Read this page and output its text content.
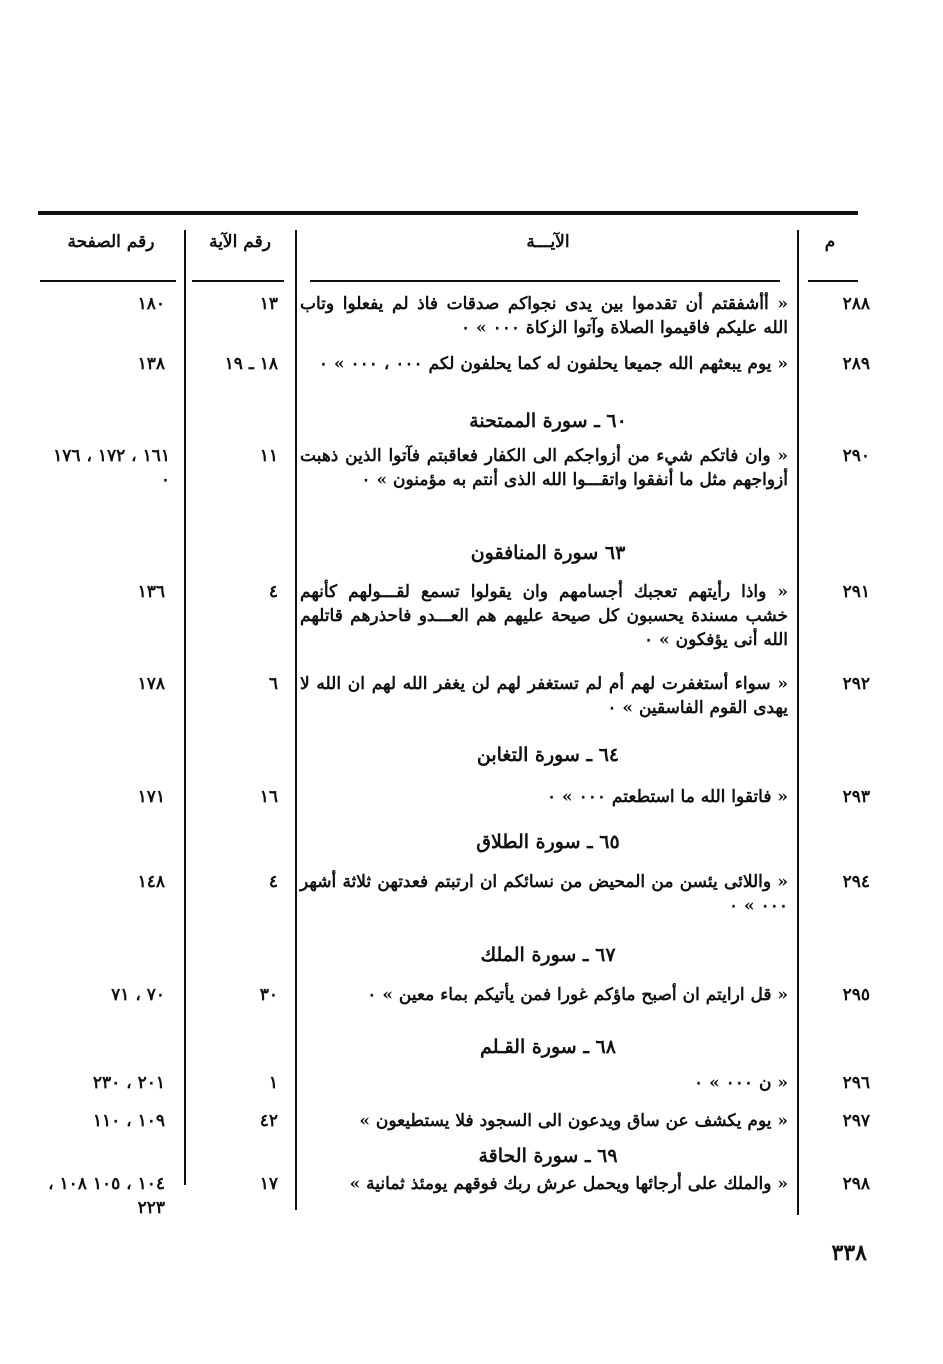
م
الآيـــة
رقم الآية
رقم الصفحة
٢٨٨
« أأشفقتم أن تقدموا بين يدى نجواكم صدقات فاذ لم يفعلوا وتاب الله عليكم فاقيموا الصلاة وآتوا الزكاة ٠٠٠ » ٠
١٣
١٨٠
٢٨٩
« يوم يبعثهم الله جميعا يحلفون له كما يحلفون لكم ٠٠٠ ، ٠٠٠ » ٠
١٨ ـ ١٩
١٣٨
٦٠ ـ سورة الممتحنة
٢٩٠
« وان فاتكم شيء من أزواجكم الى الكفار فعاقبتم فآتوا الذين ذهبت أزواجهم مثل ما أنفقوا واتقـــوا الله الذى أنتم به مؤمنون » ٠
١١
١٦١ ، ١٧٢ ، ١٧٦ ٠
٦٣ سورة المنافقون
٢٩١
« واذا رأيتهم تعجبك أجسامهم وان يقولوا تسمع لقـــولهم كأنهم خشب مسندة يحسبون كل صيحة عليهم هم العـــدو فاحذرهم قاتلهم الله أنى يؤفكون » ٠
٤
١٣٦
٢٩٢
« سواء أستغفرت لهم أم لم تستغفر لهم لن يغفر الله لهم ان الله لا يهدى القوم الفاسقين » ٠
٦
١٧٨
٦٤ ـ سورة التغابن
٢٩٣
« فاتقوا الله ما استطعتم ٠٠٠ » ٠
١٦
١٧١
٦٥ ـ سورة الطلاق
٢٩٤
« واللائى يئسن من المحيض من نسائكم ان ارتبتم فعدتهن ثلاثة أشهر ٠٠٠ » ٠
٤
١٤٨
٦٧ ـ سورة الملك
٢٩٥
« قل ارايتم ان أصبح ماؤكم غورا فمن يأتيكم بماء معين » ٠
٣٠
٧٠ ، ٧١
٦٨ ـ سورة القـلم
٢٩٦
« ن ٠٠٠ » ٠
١
٢٠١ ، ٢٣٠
٢٩٧
« يوم يكشف عن ساق ويدعون الى السجود فلا يستطيعون »
٤٢
١٠٩ ، ١١٠
٦٩ ـ سورة الحاقة
٢٩٨
« والملك على أرجائها ويحمل عرش ربك فوقهم يومئذ ثمانية »
١٧
١٠٤ ، ١٠٥ ١٠٨ ، ٢٢٣
٣٣٨
